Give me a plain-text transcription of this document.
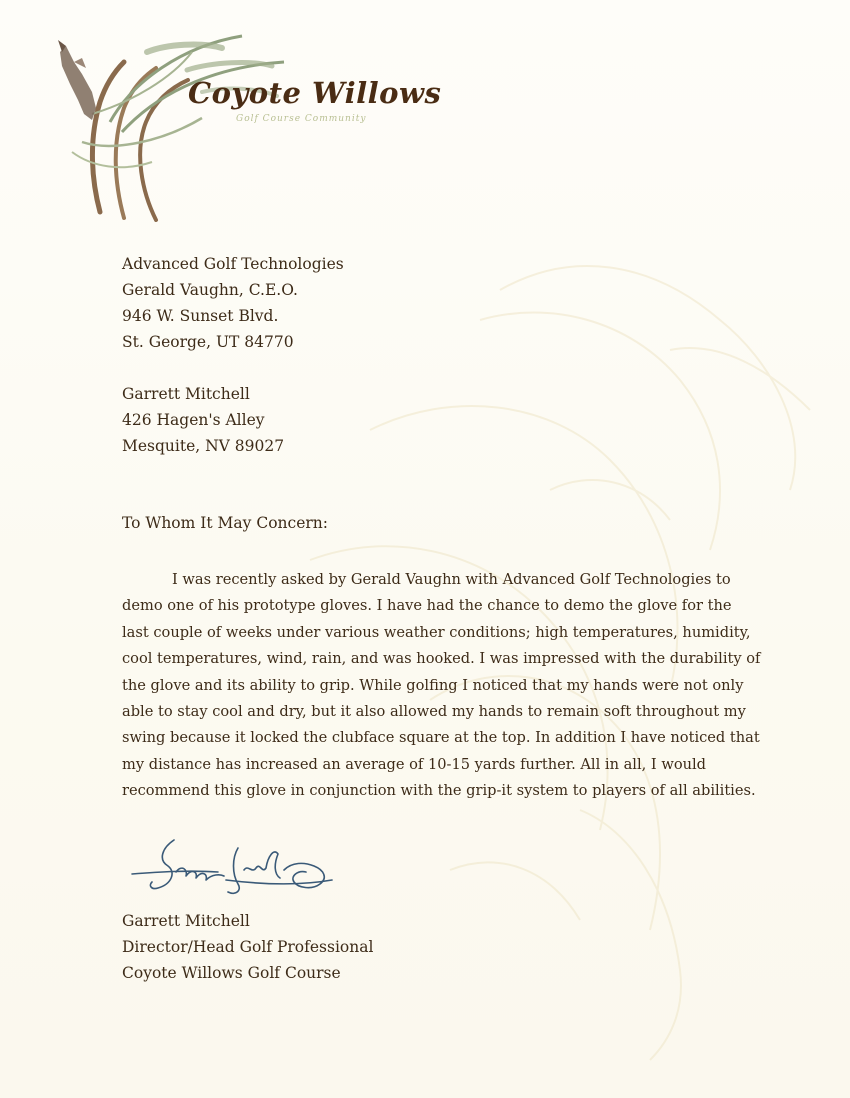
Coyote Willows
Golf Course Community
Advanced Golf Technologies
Gerald Vaughn, C.E.O.
946 W. Sunset Blvd.
St. George, UT 84770
Garrett Mitchell
426 Hagen's Alley
Mesquite, NV 89027
To Whom It May Concern:
I was recently asked by Gerald Vaughn with Advanced Golf Technologies to
demo one of his prototype gloves. I have had the chance to demo the glove for the
last couple of weeks under various weather conditions; high temperatures, humidity,
cool temperatures, wind, rain, and was hooked. I was impressed with the durability of
the glove and its ability to grip. While golfing I noticed that my hands were not only
able to stay cool and dry, but it also allowed my hands to remain soft throughout my
swing because it locked the clubface square at the top. In addition I have noticed that
my distance has increased an average of 10-15 yards further. All in all, I would
recommend this glove in conjunction with the grip-it system to players of all abilities.
Garrett Mitchell
Director/Head Golf Professional
Coyote Willows Golf Course
